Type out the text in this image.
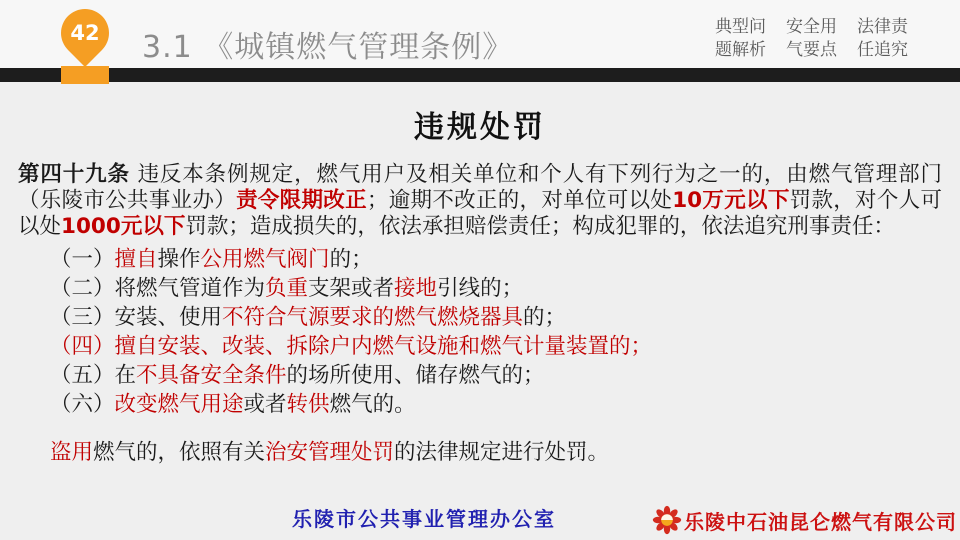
42	3.1 《城镇燃气管理条例》
典型问
题解析
安全用
气要点
法律责
任追究
违规处罚
第四十九条 违反本条例规定，燃气用户及相关单位和个人有下列行为之一的，由燃气管理部门（乐陵市公共事业办）责令限期改正；逾期不改正的，对单位可以处10万元以下罚款，对个人可以处1000元以下罚款；造成损失的，依法承担赔偿责任；构成犯罪的，依法追究刑事责任：
（一）擅自操作公用燃气阀门的；
（二）将燃气管道作为负重支架或者接地引线的；
（三）安装、使用不符合气源要求的燃气燃烧器具的；
（四）擅自安装、改装、拆除户内燃气设施和燃气计量装置的；
（五）在不具备安全条件的场所使用、储存燃气的；
（六）改变燃气用途或者转供燃气的。
盗用燃气的，依照有关治安管理处罚的法律规定进行处罚。
乐陵市公共事业管理办公室	乐陵中石油昆仑燃气有限公司
